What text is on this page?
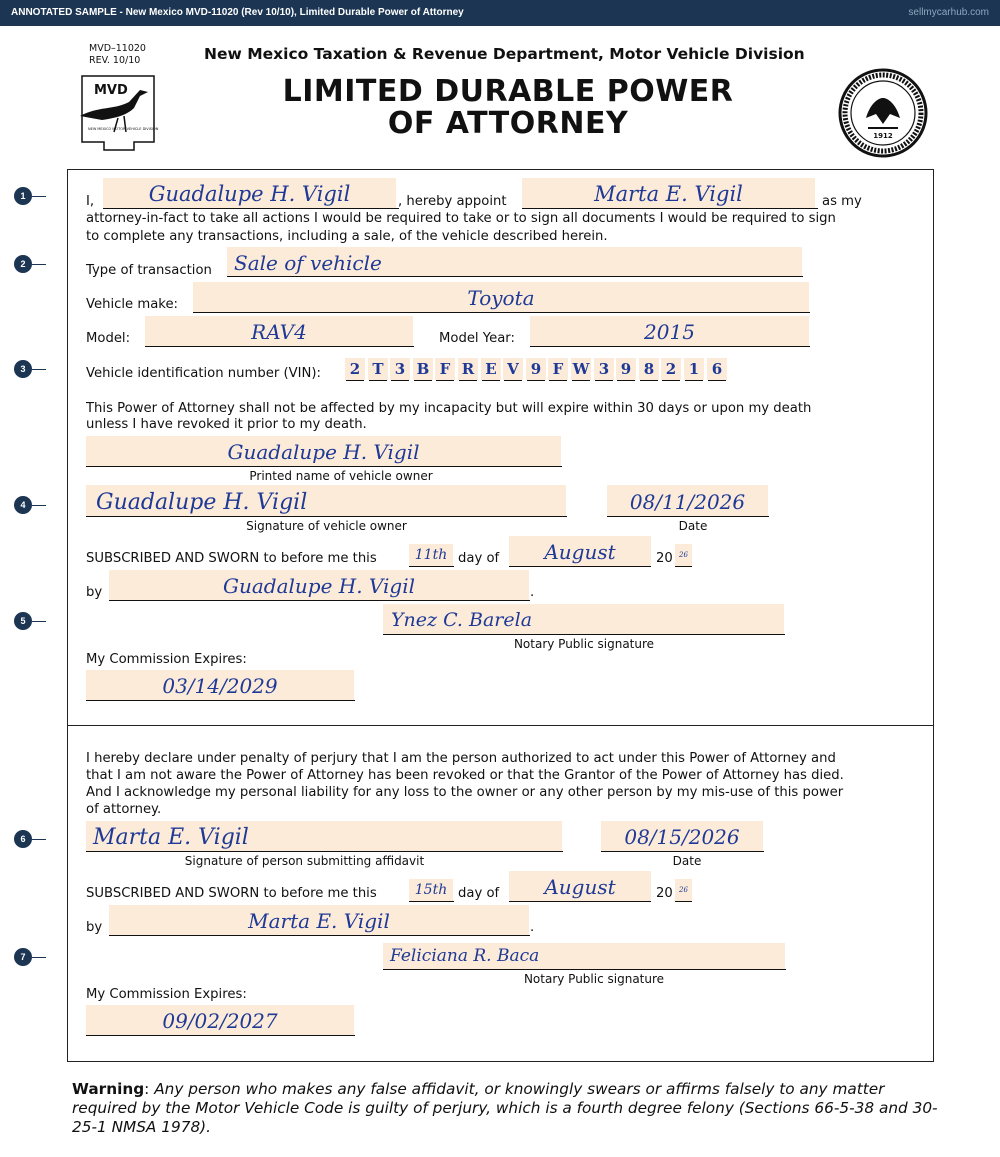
ANNOTATED SAMPLE - New Mexico MVD-11020 (Rev 10/10), Limited Durable Power of Attorney	sellmycarhub.com
MVD–11020
REV. 10/10
MVD
NEW MEXICO MOTOR VEHICLE DIVISION
New Mexico Taxation & Revenue Department, Motor Vehicle Division
LIMITED DURABLE POWER
OF ATTORNEY	1912
1
2
3
4
5
6
7
I,	Guadalupe H. Vigil	, hereby appoint	Marta E. Vigil	as my
attorney-in-fact to take all actions I would be required to take or to sign all documents I would be required to sign
to complete any transactions, including a sale, of the vehicle described herein.
Type of transaction Sale of vehicle
Vehicle make:	Toyota
Model:	RAV4	Model Year:	2015
Vehicle identification number (VIN):	2 T 3 B F R E V 9 F W 3 9 8 2 1 6
This Power of Attorney shall not be affected by my incapacity but will expire within 30 days or upon my death
unless I have revoked it prior to my death.
Guadalupe H. Vigil
Printed name of vehicle owner
Guadalupe H. Vigil
Signature of vehicle owner
08/11/2026
Date
SUBSCRIBED AND SWORN to before me this	11th day of	August	20 26
by	Guadalupe H. Vigil	.
Ynez C. Barela
Notary Public signature
My Commission Expires:
03/14/2029
I hereby declare under penalty of perjury that I am the person authorized to act under this Power of Attorney and
that I am not aware the Power of Attorney has been revoked or that the Grantor of the Power of Attorney has died.
And I acknowledge my personal liability for any loss to the owner or any other person by my mis-use of this power
of attorney.
Marta E. Vigil
Signature of person submitting affidavit
08/15/2026
Date
SUBSCRIBED AND SWORN to before me this	15th day of	August	20 26
by	Marta E. Vigil	.
Feliciana R. Baca
Notary Public signature
My Commission Expires:
09/02/2027
Warning: Any person who makes any false affidavit, or knowingly swears or affirms falsely to any matter required by the Motor Vehicle Code is guilty of perjury, which is a fourth degree felony (Sections 66-5-38 and 30-25-1 NMSA 1978).
